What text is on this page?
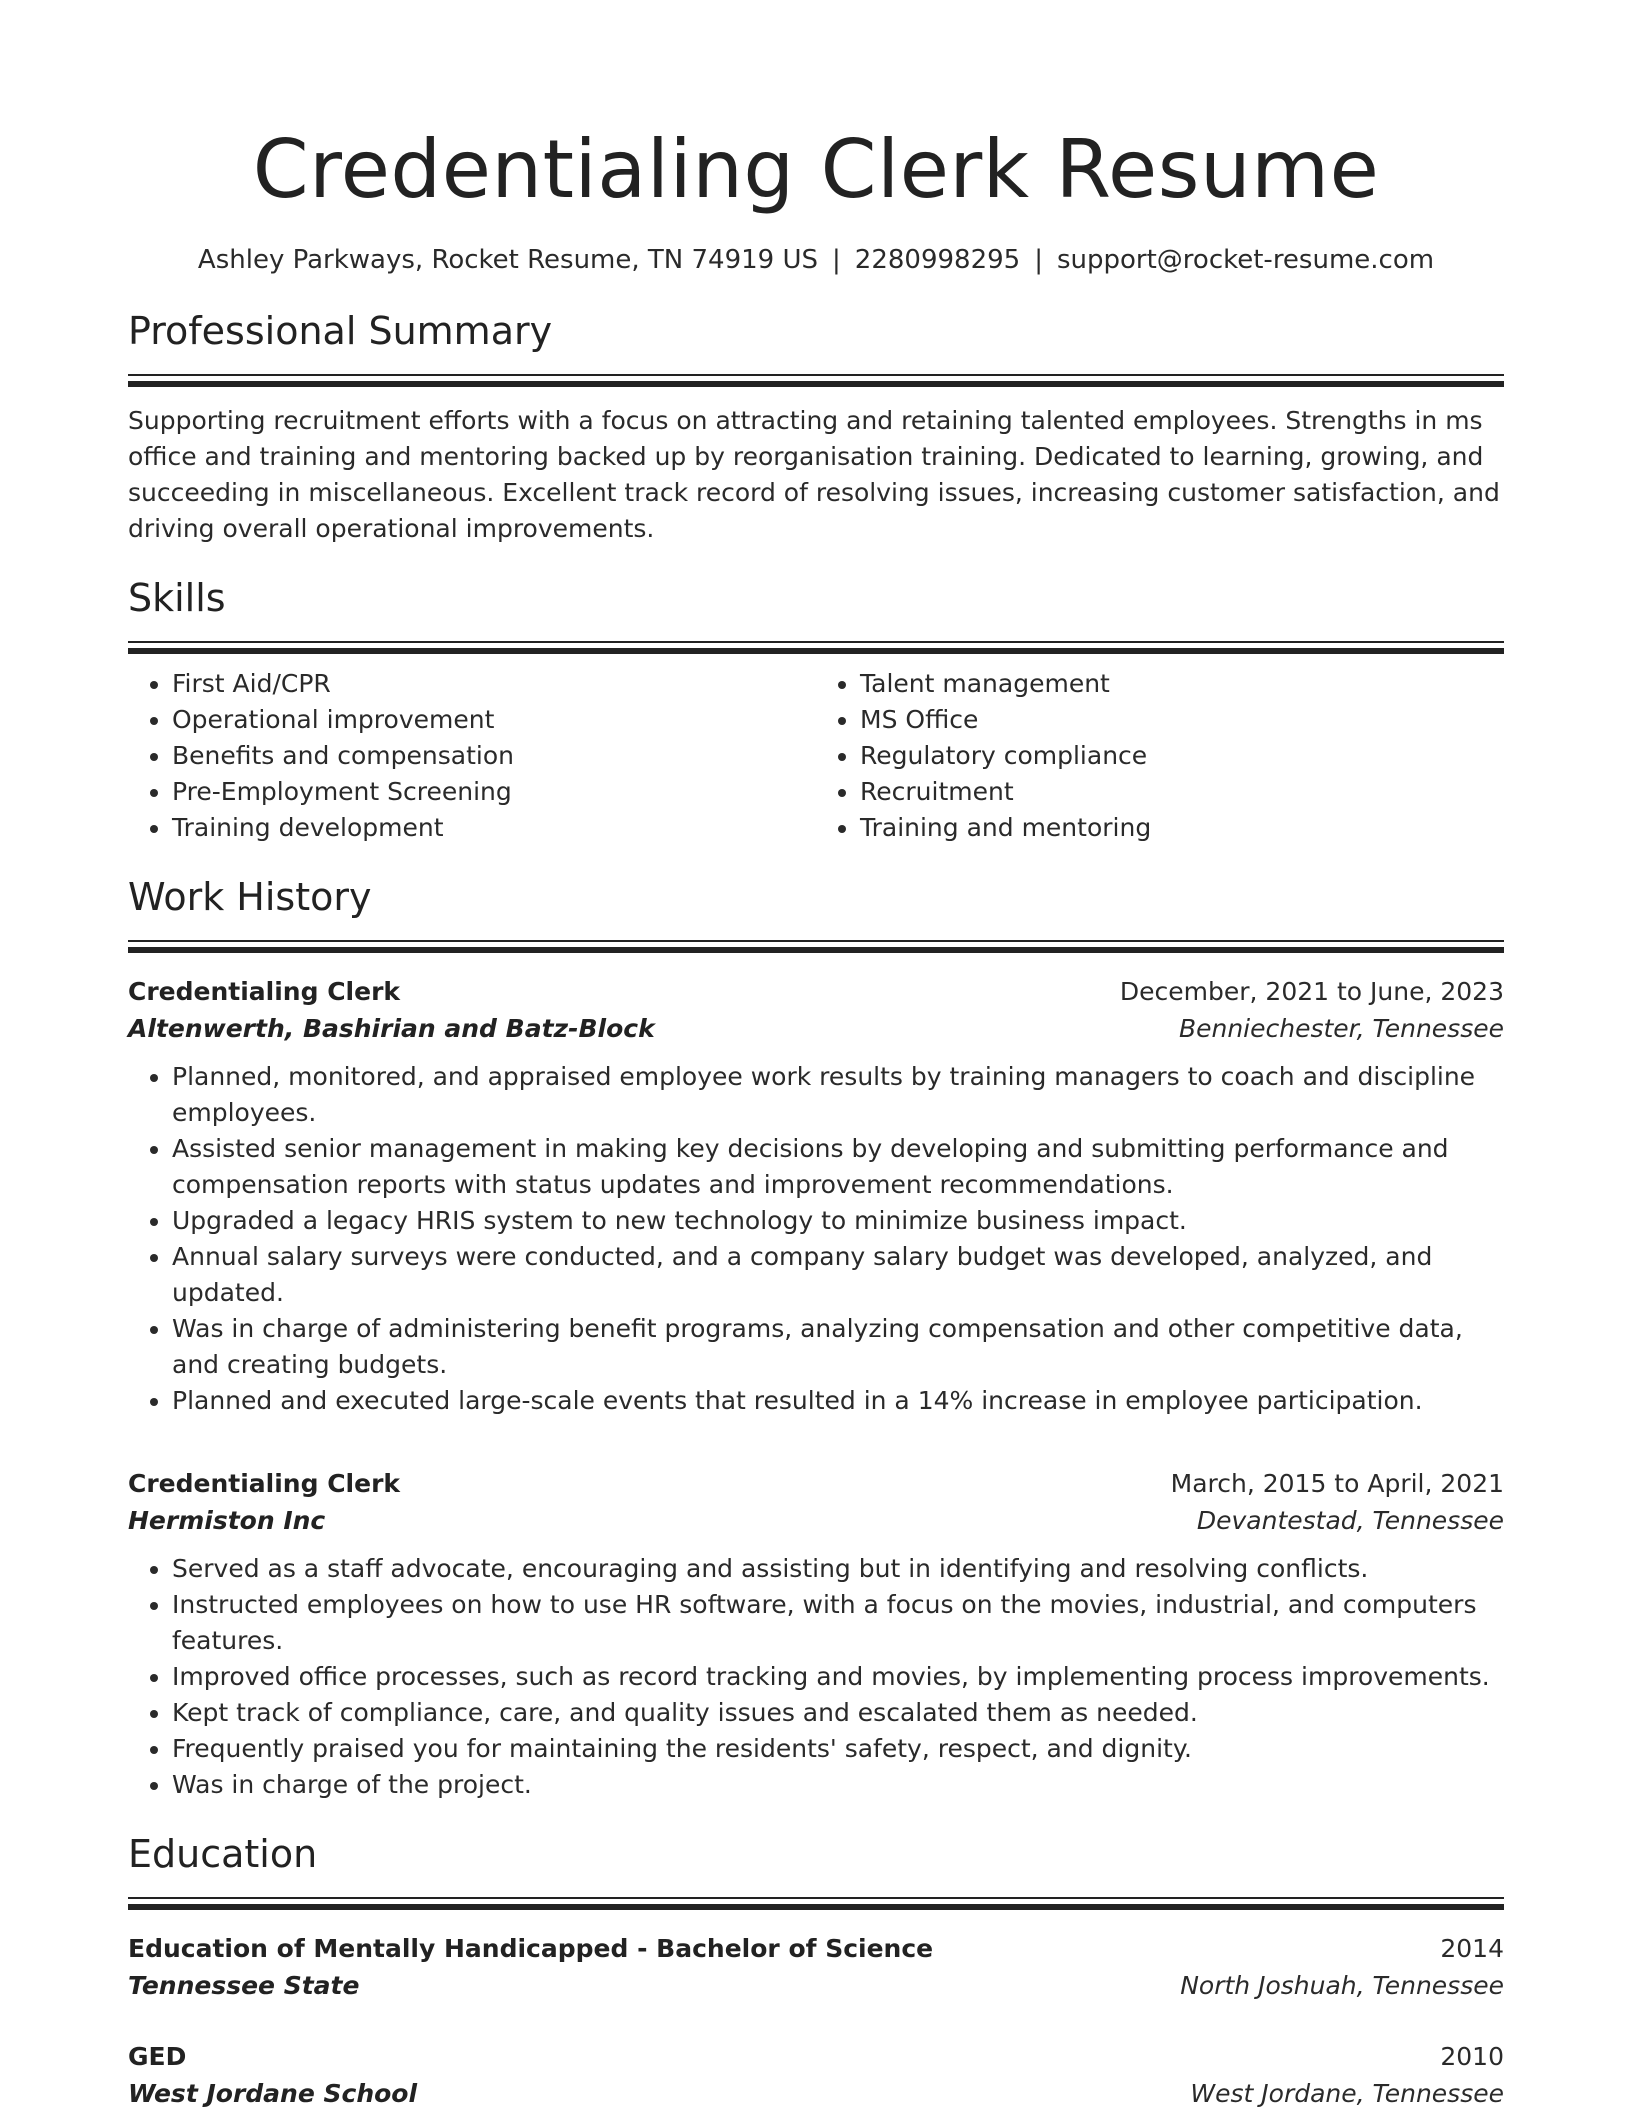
Credentialing Clerk Resume
Ashley Parkways, Rocket Resume, TN 74919 US | 2280998295 | support@rocket-resume.com
Professional Summary

Supporting recruitment efforts with a focus on attracting and retaining talented employees. Strengths in ms office and training and mentoring backed up by reorganisation training. Dedicated to learning, growing, and succeeding in miscellaneous. Excellent track record of resolving issues, increasing customer satisfaction, and driving overall operational improvements.

Skills
• First Aid/CPR
• Operational improvement
• Benefits and compensation
• Pre-Employment Screening
• Training development
• Talent management
• MS Office
• Regulatory compliance
• Recruitment
• Training and mentoring
Work History
Credentialing Clerk	December, 2021 to June, 2023
Altenwerth, Bashirian and Batz-Block	Benniechester, Tennessee
• Planned, monitored, and appraised employee work results by training managers to coach and discipline employees.
• Assisted senior management in making key decisions by developing and submitting performance and compensation reports with status updates and improvement recommendations.
• Upgraded a legacy HRIS system to new technology to minimize business impact.
• Annual salary surveys were conducted, and a company salary budget was developed, analyzed, and updated.
• Was in charge of administering benefit programs, analyzing compensation and other competitive data, and creating budgets.
• Planned and executed large-scale events that resulted in a 14% increase in employee participation.
Credentialing Clerk	March, 2015 to April, 2021
Hermiston Inc	Devantestad, Tennessee
• Served as a staff advocate, encouraging and assisting but in identifying and resolving conflicts.
• Instructed employees on how to use HR software, with a focus on the movies, industrial, and computers features.
• Improved office processes, such as record tracking and movies, by implementing process improvements.
• Kept track of compliance, care, and quality issues and escalated them as needed.
• Frequently praised you for maintaining the residents' safety, respect, and dignity.
• Was in charge of the project.
Education
Education of Mentally Handicapped - Bachelor of Science	2014
Tennessee State	North Joshuah, Tennessee
GED	2010
West Jordane School	West Jordane, Tennessee
